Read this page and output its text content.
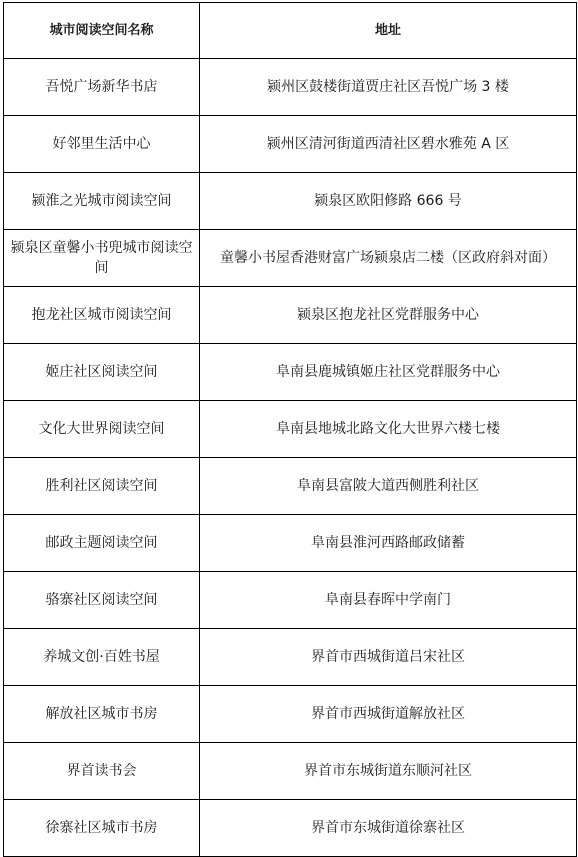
城市阅读空间名称	地址
吾悦广场新华书店	颍州区鼓楼街道贾庄社区吾悦广场 3 楼
好邻里生活中心	颍州区清河街道西清社区碧水雅苑 A 区
颍淮之光城市阅读空间	颍泉区欧阳修路 666 号
颍泉区童馨小书兜城市阅读空间	童馨小书屋香港财富广场颍泉店二楼（区政府斜对面）
抱龙社区城市阅读空间	颍泉区抱龙社区党群服务中心
姬庄社区阅读空间	阜南县鹿城镇姬庄社区党群服务中心
文化大世界阅读空间	阜南县地城北路文化大世界六楼七楼
胜利社区阅读空间	阜南县富陂大道西侧胜利社区
邮政主题阅读空间	阜南县淮河西路邮政储蓄
骆寨社区阅读空间	阜南县春晖中学南门
养城文创·百姓书屋	界首市西城街道吕宋社区
解放社区城市书房	界首市西城街道解放社区
界首读书会	界首市东城街道东顺河社区
徐寨社区城市书房	界首市东城街道徐寨社区
